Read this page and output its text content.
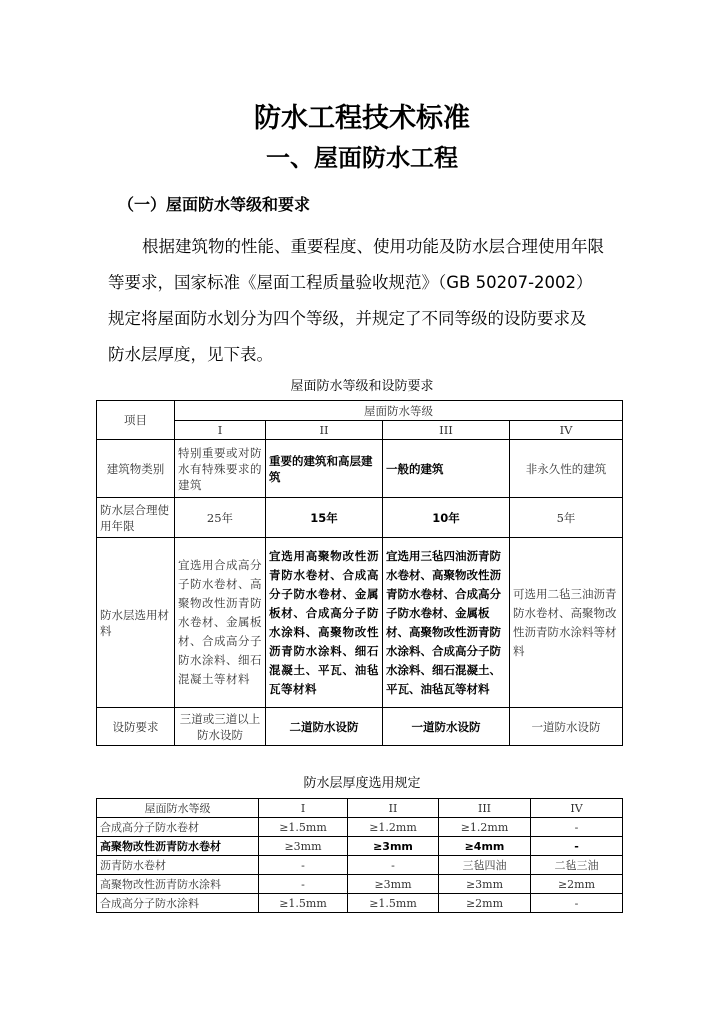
防水工程技术标准
一、屋面防水工程
（一）屋面防水等级和要求
根据建筑物的性能、重要程度、使用功能及防水层合理使用年限
等要求，国家标准《屋面工程质量验收规范》（GB 50207-2002）
规定将屋面防水划分为四个等级，并规定了不同等级的设防要求及
防水层厚度，见下表。
屋面防水等级和设防要求
项目	屋面防水等级			
	I	II	III	IV
建筑物类别	特别重要或对防水有特殊要求的建筑	重要的建筑和高层建筑	一般的建筑	非永久性的建筑
防水层合理使用年限	25年	15年	10年	5年
防水层选用材料	宜选用合成高分子防水卷材、高聚物改性沥青防水卷材、金属板材、合成高分子防水涂料、细石混凝土等材料	宜选用高聚物改性沥青防水卷材、合成高分子防水卷材、金属板材、合成高分子防水涂料、高聚物改性沥青防水涂料、细石混凝土、平瓦、油毡瓦等材料	宜选用三毡四油沥青防水卷材、高聚物改性沥青防水卷材、合成高分子防水卷材、金属板材、高聚物改性沥青防水涂料、合成高分子防水涂料、细石混凝土、平瓦、油毡瓦等材料	可选用二毡三油沥青防水卷材、高聚物改性沥青防水涂料等材料
设防要求	三道或三道以上防水设防	二道防水设防	一道防水设防	一道防水设防
防水层厚度选用规定
屋面防水等级	I	II	III	IV
合成高分子防水卷材	≥1.5mm	≥1.2mm	≥1.2mm	-
高聚物改性沥青防水卷材	≥3mm	≥3mm	≥4mm	-
沥青防水卷材	-	-	三毡四油	二毡三油
高聚物改性沥青防水涂料	-	≥3mm	≥3mm	≥2mm
合成高分子防水涂料	≥1.5mm	≥1.5mm	≥2mm	-
